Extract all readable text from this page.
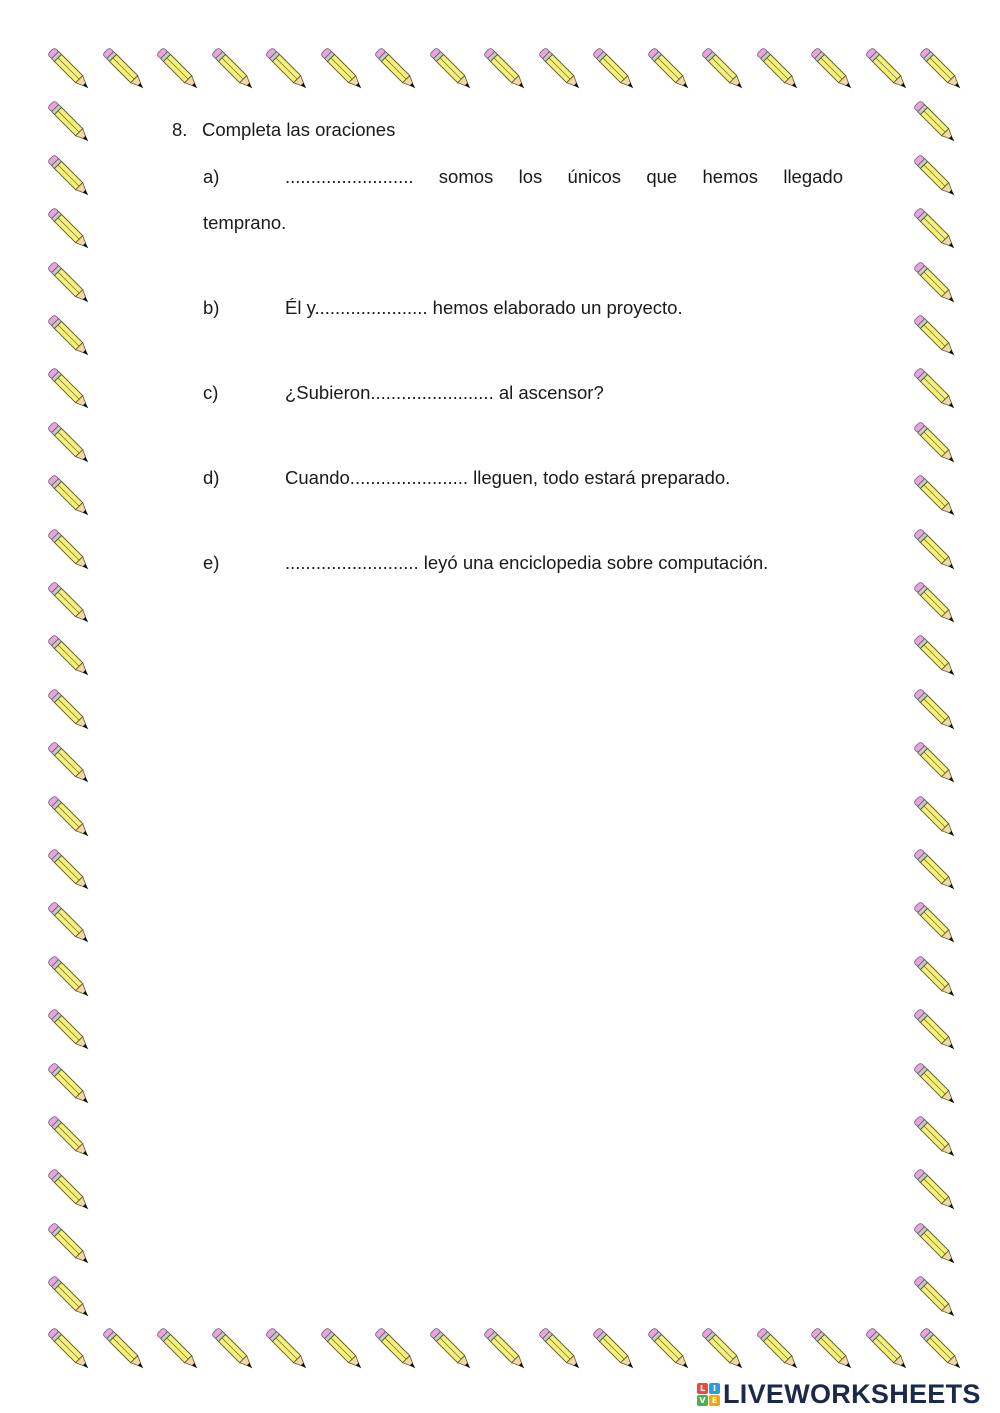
8. Completa las oraciones
a)	......................... somos los únicos que hemos llegado
temprano.
b)	Él y...................... hemos elaborado un proyecto.
c)	¿Subieron........................ al ascensor?
d)	Cuando....................... lleguen, todo estará preparado.
e)	.......................... leyó una enciclopedia sobre computación.
L I
V E LIVEWORKSHEETS
